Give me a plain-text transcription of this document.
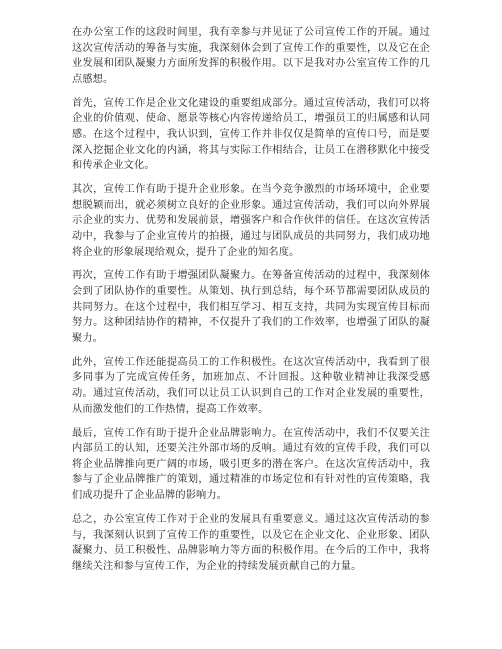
在办公室工作的这段时间里，我有幸参与并见证了公司宣传工作的开展。通过这次宣传活动的筹备与实施，我深刻体会到了宣传工作的重要性，以及它在企业发展和团队凝聚力方面所发挥的积极作用。以下是我对办公室宣传工作的几点感想。

首先，宣传工作是企业文化建设的重要组成部分。通过宣传活动，我们可以将企业的价值观、使命、愿景等核心内容传递给员工，增强员工的归属感和认同感。在这个过程中，我认识到，宣传工作并非仅仅是简单的宣传口号，而是要深入挖掘企业文化的内涵，将其与实际工作相结合，让员工在潜移默化中接受和传承企业文化。

其次，宣传工作有助于提升企业形象。在当今竞争激烈的市场环境中，企业要想脱颖而出，就必须树立良好的企业形象。通过宣传活动，我们可以向外界展示企业的实力、优势和发展前景，增强客户和合作伙伴的信任。在这次宣传活动中，我参与了企业宣传片的拍摄，通过与团队成员的共同努力，我们成功地将企业的形象展现给观众，提升了企业的知名度。

再次，宣传工作有助于增强团队凝聚力。在筹备宣传活动的过程中，我深刻体会到了团队协作的重要性。从策划、执行到总结，每个环节都需要团队成员的共同努力。在这个过程中，我们相互学习、相互支持，共同为实现宣传目标而努力。这种团结协作的精神，不仅提升了我们的工作效率，也增强了团队的凝聚力。

此外，宣传工作还能提高员工的工作积极性。在这次宣传活动中，我看到了很多同事为了完成宣传任务，加班加点、不计回报。这种敬业精神让我深受感动。通过宣传活动，我们可以让员工认识到自己的工作对企业发展的重要性，从而激发他们的工作热情，提高工作效率。

最后，宣传工作有助于提升企业品牌影响力。在宣传活动中，我们不仅要关注内部员工的认知，还要关注外部市场的反响。通过有效的宣传手段，我们可以将企业品牌推向更广阔的市场，吸引更多的潜在客户。在这次宣传活动中，我参与了企业品牌推广的策划，通过精准的市场定位和有针对性的宣传策略，我们成功提升了企业品牌的影响力。

总之，办公室宣传工作对于企业的发展具有重要意义。通过这次宣传活动的参与，我深刻认识到了宣传工作的重要性，以及它在企业文化、企业形象、团队凝聚力、员工积极性、品牌影响力等方面的积极作用。在今后的工作中，我将继续关注和参与宣传工作，为企业的持续发展贡献自己的力量。
